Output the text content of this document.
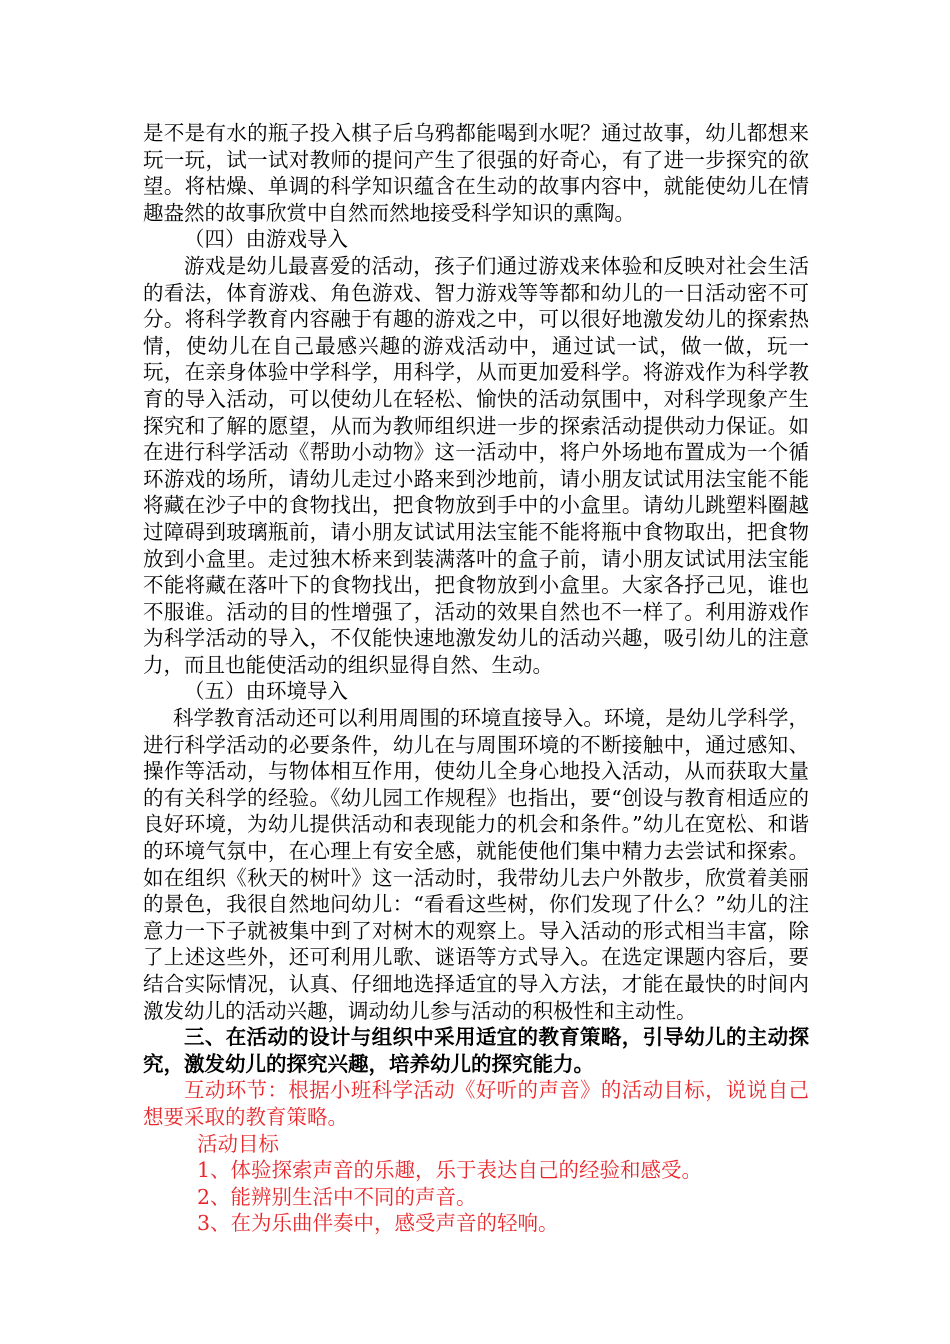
是不是有水的瓶子投入棋子后乌鸦都能喝到水呢？通过故事，幼儿都想来玩一玩，试一试对教师的提问产生了很强的好奇心，有了进一步探究的欲望。将枯燥、单调的科学知识蕴含在生动的故事内容中，就能使幼儿在情趣盎然的故事欣赏中自然而然地接受科学知识的熏陶。

（四）由游戏导入

游戏是幼儿最喜爱的活动，孩子们通过游戏来体验和反映对社会生活的看法，体育游戏、角色游戏、智力游戏等等都和幼儿的一日活动密不可分。将科学教育内容融于有趣的游戏之中，可以很好地激发幼儿的探索热情，使幼儿在自己最感兴趣的游戏活动中，通过试一试，做一做，玩一玩，在亲身体验中学科学，用科学，从而更加爱科学。将游戏作为科学教育的导入活动，可以使幼儿在轻松、愉快的活动氛围中，对科学现象产生探究和了解的愿望，从而为教师组织进一步的探索活动提供动力保证。如在进行科学活动《帮助小动物》这一活动中，将户外场地布置成为一个循环游戏的场所，请幼儿走过小路来到沙地前，请小朋友试试用法宝能不能将藏在沙子中的食物找出，把食物放到手中的小盒里。请幼儿跳塑料圈越过障碍到玻璃瓶前，请小朋友试试用法宝能不能将瓶中食物取出，把食物放到小盒里。走过独木桥来到装满落叶的盒子前，请小朋友试试用法宝能不能将藏在落叶下的食物找出，把食物放到小盒里。大家各抒己见，谁也不服谁。活动的目的性增强了，活动的效果自然也不一样了。利用游戏作为科学活动的导入，不仅能快速地激发幼儿的活动兴趣，吸引幼儿的注意力，而且也能使活动的组织显得自然、生动。

（五）由环境导入

科学教育活动还可以利用周围的环境直接导入。环境，是幼儿学科学，进行科学活动的必要条件，幼儿在与周围环境的不断接触中，通过感知、操作等活动，与物体相互作用，使幼儿全身心地投入活动，从而获取大量的有关科学的经验。《幼儿园工作规程》也指出，要“创设与教育相适应的良好环境，为幼儿提供活动和表现能力的机会和条件。”幼儿在宽松、和谐的环境气氛中，在心理上有安全感，就能使他们集中精力去尝试和探索。如在组织《秋天的树叶》这一活动时，我带幼儿去户外散步，欣赏着美丽的景色，我很自然地问幼儿：“看看这些树，你们发现了什么？”幼儿的注意力一下子就被集中到了对树木的观察上。导入活动的形式相当丰富，除了上述这些外，还可利用儿歌、谜语等方式导入。在选定课题内容后，要结合实际情况，认真、仔细地选择适宜的导入方法，才能在最快的时间内激发幼儿的活动兴趣，调动幼儿参与活动的积极性和主动性。

三、在活动的设计与组织中采用适宜的教育策略，引导幼儿的主动探究，激发幼儿的探究兴趣，培养幼儿的探究能力。

互动环节：根据小班科学活动《好听的声音》的活动目标，说说自己想要采取的教育策略。

活动目标

1、体验探索声音的乐趣，乐于表达自己的经验和感受。

2、能辨别生活中不同的声音。

3、在为乐曲伴奏中，感受声音的轻响。
